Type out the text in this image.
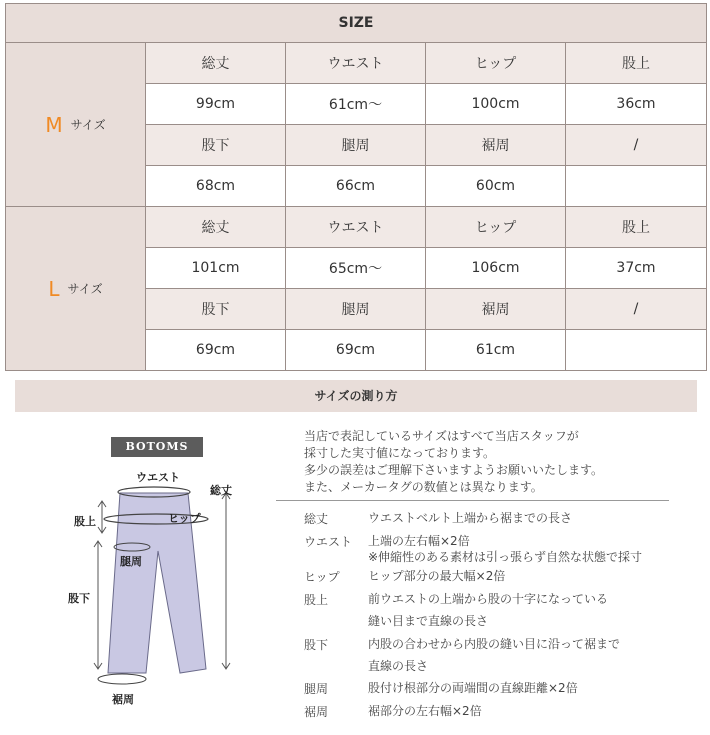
SIZE				
M サイズ	総丈	ウエスト	ヒップ	股上
	99cm	61cm～	100cm	36cm
	股下	腿周	裾周	/
	68cm	66cm	60cm	
L サイズ	総丈	ウエスト	ヒップ	股上
	101cm	65cm～	106cm	37cm
	股下	腿周	裾周	/
	69cm	69cm	61cm	
サイズの測り方
BOTOMS
ウエスト
総丈
股上	ヒップ
腿周
股下
裾周
当店で表記しているサイズはすべて当店スタッフが
採寸した実寸値になっております。
多少の誤差はご理解下さいますようお願いいたします。
また、メーカータグの数値とは異なります。
総丈	ウエストベルト上端から裾までの長さ
ウエスト 上端の左右幅×2倍
※伸縮性のある素材は引っ張らず自然な状態で採寸
ヒップ ヒップ部分の最大幅×2倍
股上	前ウエストの上端から股の十字になっている
縫い目まで直線の長さ
股下	内股の合わせから内股の縫い目に沿って裾まで
直線の長さ
腿周	股付け根部分の両端間の直線距離×2倍
裾周	裾部分の左右幅×2倍
